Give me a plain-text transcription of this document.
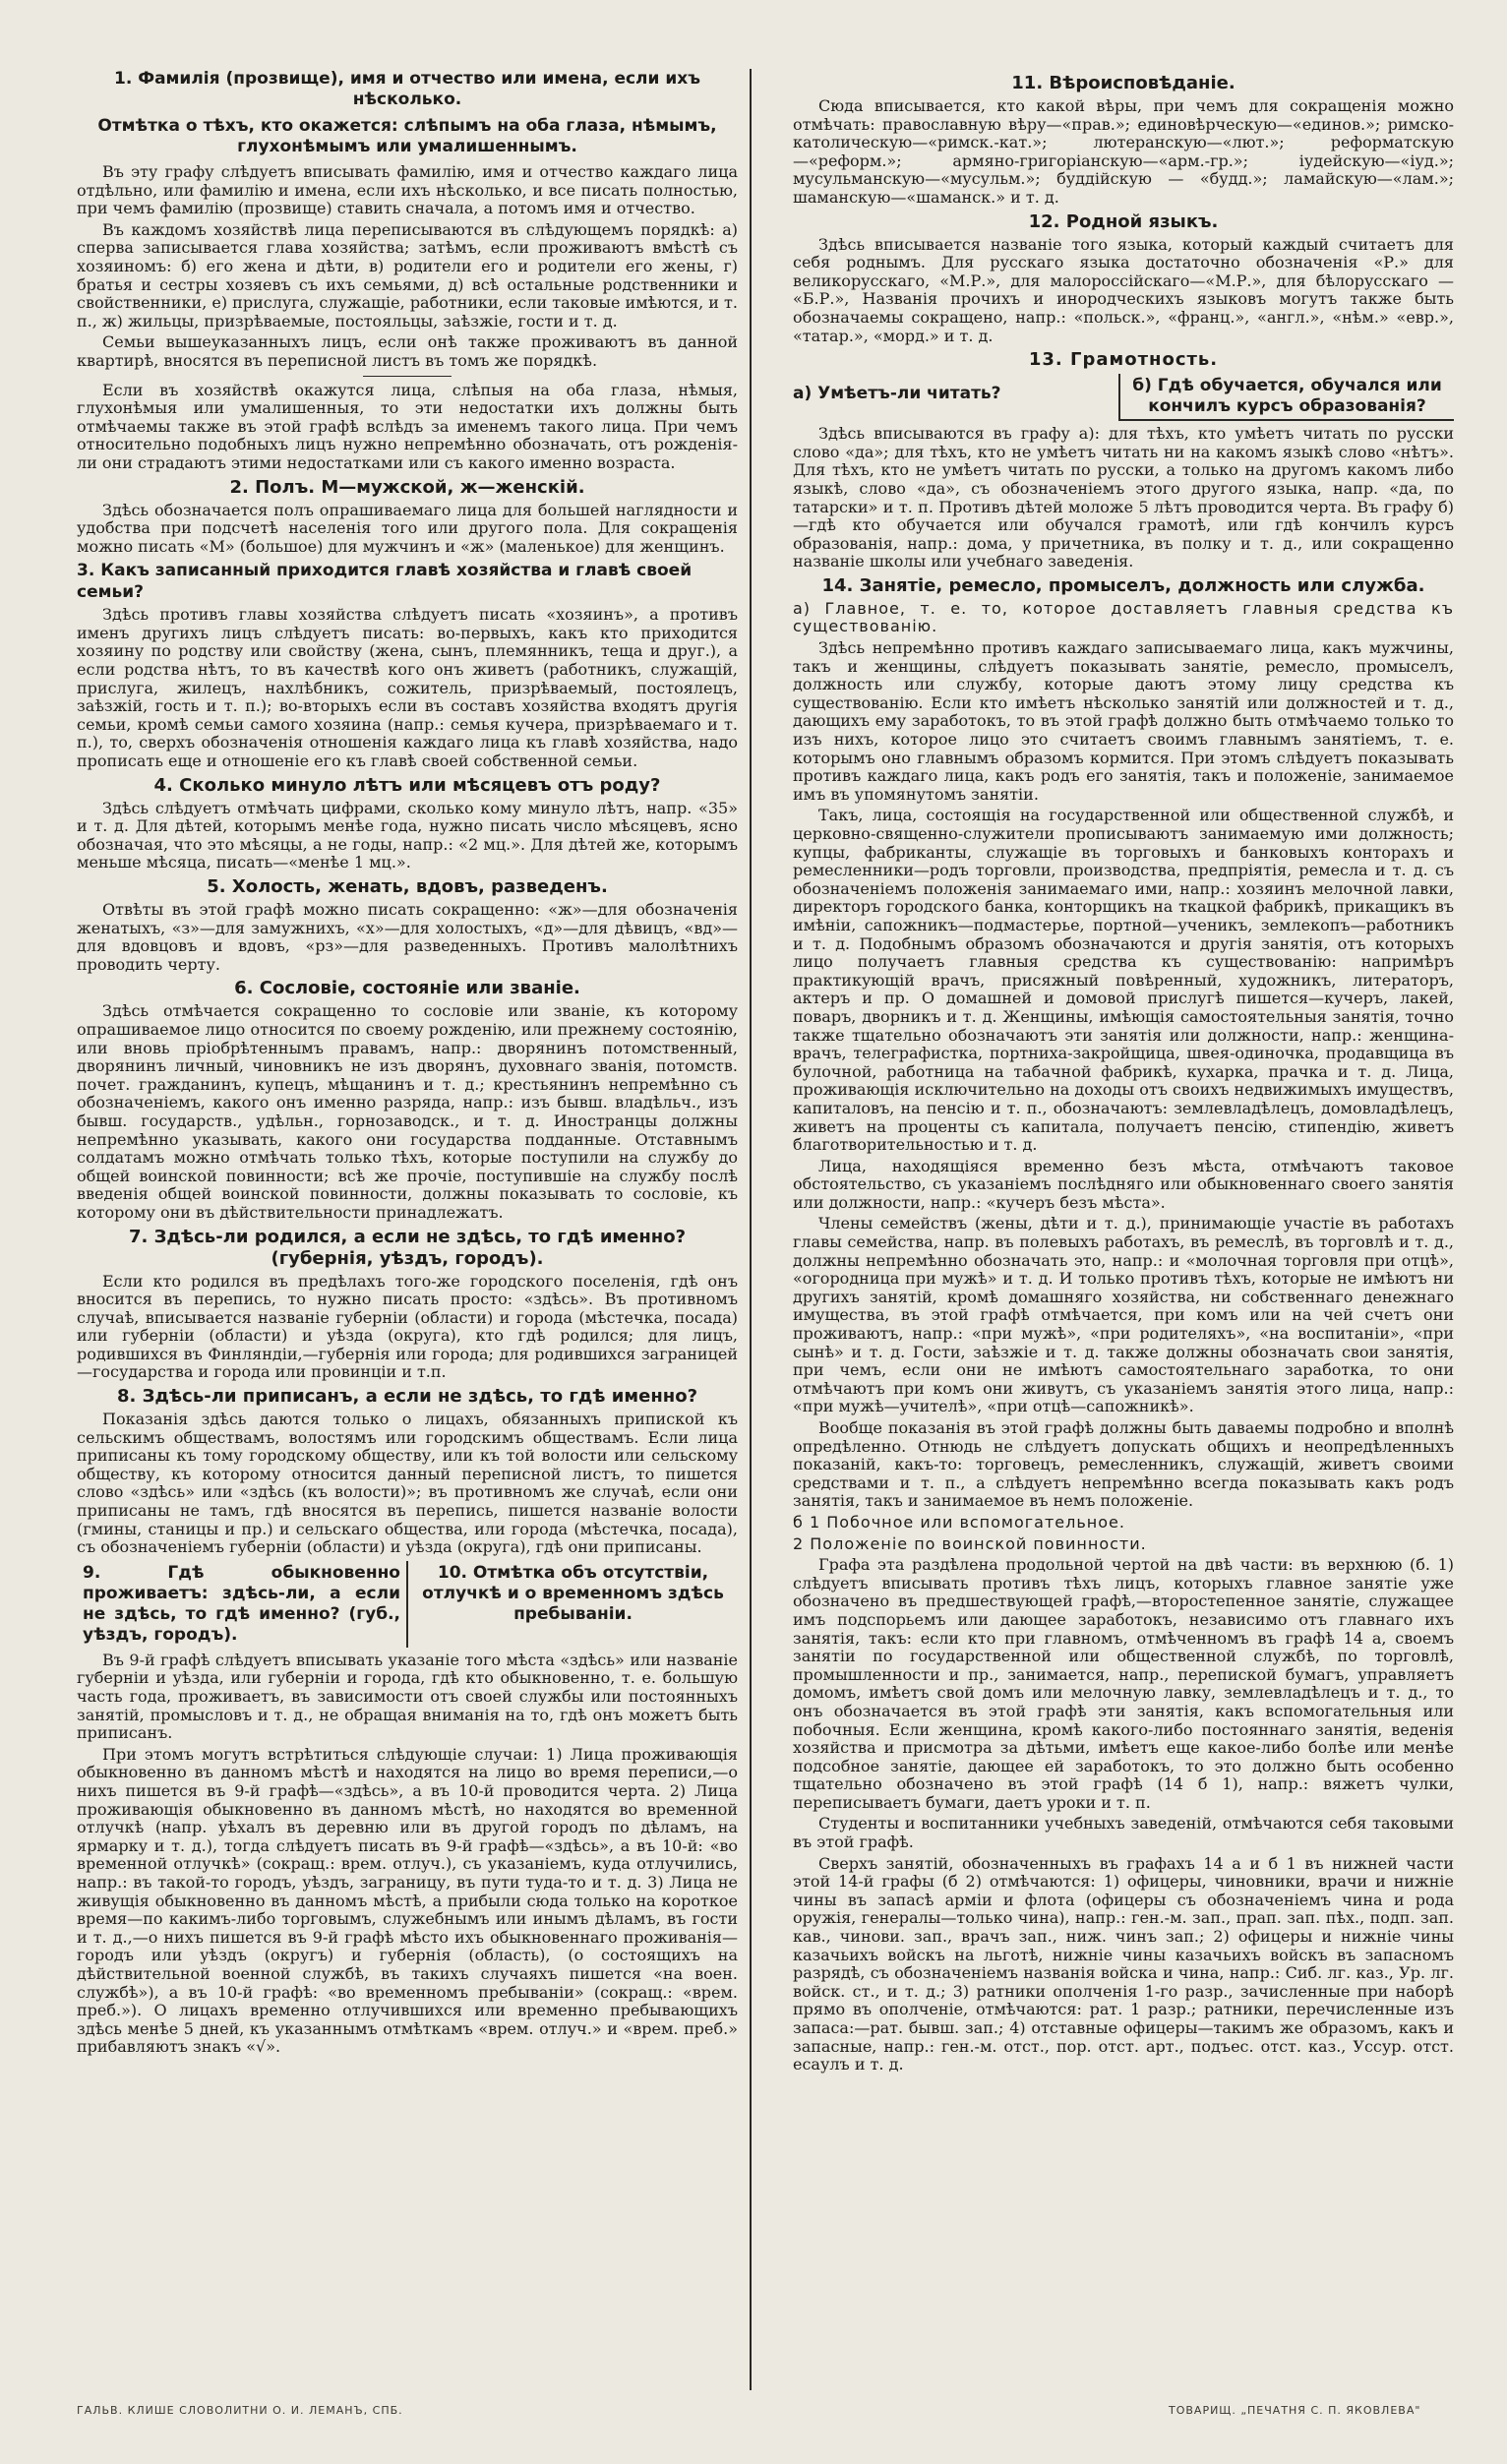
1. Фамилія (прозвище), имя и отчество или имена, если ихъ нѣсколько.
Отмѣтка о тѣхъ, кто окажется: слѣпымъ на оба глаза, нѣмымъ, глухонѣмымъ или умалишеннымъ.

Въ эту графу слѣдуетъ вписывать фамилію, имя и отчество каждаго лица отдѣльно, или фамилію и имена, если ихъ нѣсколько, и все писать полностью, при чемъ фамилію (прозвище) ставить сначала, а потомъ имя и отчество.

Въ каждомъ хозяйствѣ лица переписываются въ слѣдующемъ порядкѣ: а) сперва записывается глава хозяйства; затѣмъ, если проживаютъ вмѣстѣ съ хозяиномъ: б) его жена и дѣти, в) родители его и родители его жены, г) братья и сестры хозяевъ съ ихъ семьями, д) всѣ остальные родственники и свойственники, е) прислуга, служащіе, работники, если таковые имѣются, и т. п., ж) жильцы, призрѣваемые, постояльцы, заѣзжіе, гости и т. д.

Семьи вышеуказанныхъ лицъ, если онѣ также проживаютъ въ данной квартирѣ, вносятся въ переписной листъ въ томъ же порядкѣ.

Если въ хозяйствѣ окажутся лица, слѣпыя на оба глаза, нѣмыя, глухонѣмыя или умалишенныя, то эти недостатки ихъ должны быть отмѣчаемы также въ этой графѣ вслѣдъ за именемъ такого лица. При чемъ относительно подобныхъ лицъ нужно непремѣнно обозначать, отъ рожденія-ли они страдаютъ этими недостатками или съ какого именно возраста.

2. Полъ. М—мужской, ж—женскій.

Здѣсь обозначается полъ опрашиваемаго лица для большей наглядности и удобства при подсчетѣ населенія того или другого пола. Для сокращенія можно писать «М» (большое) для мужчинъ и «ж» (маленькое) для женщинъ.

3. Какъ записанный приходится главѣ хозяйства и главѣ своей семьи?

Здѣсь противъ главы хозяйства слѣдуетъ писать «хозяинъ», а противъ именъ другихъ лицъ слѣдуетъ писать: во-первыхъ, какъ кто приходится хозяину по родству или свойству (жена, сынъ, племянникъ, теща и друг.), а если родства нѣтъ, то въ качествѣ кого онъ живетъ (работникъ, служащій, прислуга, жилецъ, нахлѣбникъ, сожитель, призрѣваемый, постоялецъ, заѣзжій, гость и т. п.); во-вторыхъ если въ составъ хозяйства входятъ другія семьи, кромѣ семьи самого хозяина (напр.: семья кучера, призрѣваемаго и т. п.), то, сверхъ обозначенія отношенія каждаго лица къ главѣ хозяйства, надо прописать еще и отношеніе его къ главѣ своей собственной семьи.

4. Сколько минуло лѣтъ или мѣсяцевъ отъ роду?

Здѣсь слѣдуетъ отмѣчать цифрами, сколько кому минуло лѣтъ, напр. «35» и т. д. Для дѣтей, которымъ менѣе года, нужно писать число мѣсяцевъ, ясно обозначая, что это мѣсяцы, а не годы, напр.: «2 мц.». Для дѣтей же, которымъ меньше мѣсяца, писать—«менѣе 1 мц.».

5. Холость, женать, вдовъ, разведенъ.

Отвѣты въ этой графѣ можно писать сокращенно: «ж»—для обозначенія женатыхъ, «з»—для замужнихъ, «х»—для холостыхъ, «д»—для дѣвицъ, «вд»—для вдовцовъ и вдовъ, «рз»—для разведенныхъ. Противъ малолѣтнихъ проводить черту.

6. Сословіе, состояніе или званіе.

Здѣсь отмѣчается сокращенно то сословіе или званіе, къ которому опрашиваемое лицо относится по своему рожденію, или прежнему состоянію, или вновь пріобрѣтеннымъ правамъ, напр.: дворянинъ потомственный, дворянинъ личный, чиновникъ не изъ дворянъ, духовнаго званія, потомств. почет. гражданинъ, купецъ, мѣщанинъ и т. д.; крестьянинъ непремѣнно съ обозначеніемъ, какого онъ именно разряда, напр.: изъ бывш. владѣльч., изъ бывш. государств., удѣльн., горнозаводск., и т. д. Иностранцы должны непремѣнно указывать, какого они государства подданные. Отставнымъ солдатамъ можно отмѣчать только тѣхъ, которые поступили на службу до общей воинской повинности; всѣ же прочіе, поступившіе на службу послѣ введенія общей воинской повинности, должны показывать то сословіе, къ которому они въ дѣйствительности принадлежатъ.

7. Здѣсь-ли родился, а если не здѣсь, то гдѣ именно? (губернія, уѣздъ, городъ).

Если кто родился въ предѣлахъ того-же городского поселенія, гдѣ онъ вносится въ перепись, то нужно писать просто: «здѣсь». Въ противномъ случаѣ, вписывается названіе губерніи (области) и города (мѣстечка, посада) или губерніи (области) и уѣзда (округа), кто гдѣ родился; для лицъ, родившихся въ Финляндіи,—губернія или города; для родившихся заграницей—государства и города или провинціи и т.п.

8. Здѣсь-ли приписанъ, а если не здѣсь, то гдѣ именно?

Показанія здѣсь даются только о лицахъ, обязанныхъ припиской къ сельскимъ обществамъ, волостямъ или городскимъ обществамъ. Если лица приписаны къ тому городскому обществу, или къ той волости или сельскому обществу, къ которому относится данный переписной листъ, то пишется слово «здѣсь» или «здѣсь (къ волости)»; въ противномъ же случаѣ, если они приписаны не тамъ, гдѣ вносятся въ перепись, пишется названіе волости (гмины, станицы и пр.) и сельскаго общества, или города (мѣстечка, посада), съ обозначеніемъ губерніи (области) и уѣзда (округа), гдѣ они приписаны.

9. Гдѣ обыкновенно проживаетъ: здѣсь-ли, а если не здѣсь, то гдѣ именно? (губ., уѣздъ, городъ).
10. Отмѣтка объ отсутствіи, отлучкѣ и о временномъ здѣсь пребываніи.

Въ 9-й графѣ слѣдуетъ вписывать указаніе того мѣста «здѣсь» или названіе губерніи и уѣзда, или губерніи и города, гдѣ кто обыкновенно, т. е. большую часть года, проживаетъ, въ зависимости отъ своей службы или постоянныхъ занятій, промысловъ и т. д., не обращая вниманія на то, гдѣ онъ можетъ быть приписанъ.

При этомъ могутъ встрѣтиться слѣдующіе случаи: 1) Лица проживающія обыкновенно въ данномъ мѣстѣ и находятся на лицо во время переписи,—о нихъ пишется въ 9-й графѣ—«здѣсь», а въ 10-й проводится черта. 2) Лица проживающія обыкновенно въ данномъ мѣстѣ, но находятся во временной отлучкѣ (напр. уѣхалъ въ деревню или въ другой городъ по дѣламъ, на ярмарку и т. д.), тогда слѣдуетъ писать въ 9-й графѣ—«здѣсь», а въ 10-й: «во временной отлучкѣ» (сокращ.: врем. отлуч.), съ указаніемъ, куда отлучились, напр.: въ такой-то городъ, уѣздъ, заграницу, въ пути туда-то и т. д. 3) Лица не живущія обыкновенно въ данномъ мѣстѣ, а прибыли сюда только на короткое время—по какимъ-либо торговымъ, служебнымъ или инымъ дѣламъ, въ гости и т. д.,—о нихъ пишется въ 9-й графѣ мѣсто ихъ обыкновеннаго проживанія—городъ или уѣздъ (округъ) и губернія (область), (о состоящихъ на дѣйствительной военной службѣ, въ такихъ случаяхъ пишется «на воен. службѣ»), а въ 10-й графѣ: «во временномъ пребываніи» (сокращ.: «врем. преб.»). О лицахъ временно отлучившихся или временно пребывающихъ здѣсь менѣе 5 дней, къ указаннымъ отмѣткамъ «врем. отлуч.» и «врем. преб.» прибавляютъ знакъ «√».

11. Вѣроисповѣданіе.

Сюда вписывается, кто какой вѣры, при чемъ для сокращенія можно отмѣчать: православную вѣру—«прав.»; единовѣрческую—«единов.»; римско-католическую—«римск.-кат.»; лютеранскую—«лют.»; реформатскую—«реформ.»; армяно-григоріанскую—«арм.-гр.»; іудейскую—«іуд.»; мусульманскую—«мусульм.»; буддійскую — «будд.»; ламайскую—«лам.»; шаманскую—«шаманск.» и т. д.

12. Родной языкъ.

Здѣсь вписывается названіе того языка, который каждый считаетъ для себя роднымъ. Для русскаго языка достаточно обозначенія «Р.» для великорусскаго, «М.Р.», для малороссійскаго—«М.Р.», для бѣлорусскаго — «Б.Р.», Названія прочихъ и инородческихъ языковъ могутъ также быть обозначаемы сокращено, напр.: «польск.», «франц.», «англ.», «нѣм.» «евр.», «татар.», «морд.» и т. д.

13. Грамотность.
а) Умѣетъ-ли читать?	б) Гдѣ обучается, обучался или кончилъ курсъ образованія?

Здѣсь вписываются въ графу а): для тѣхъ, кто умѣетъ читать по русски слово «да»; для тѣхъ, кто не умѣетъ читать ни на какомъ языкѣ слово «нѣтъ». Для тѣхъ, кто не умѣетъ читать по русски, а только на другомъ какомъ либо языкѣ, слово «да», съ обозначеніемъ этого другого языка, напр. «да, по татарски» и т. п. Противъ дѣтей моложе 5 лѣтъ проводится черта. Въ графу б)—гдѣ кто обучается или обучался грамотѣ, или гдѣ кончилъ курсъ образованія, напр.: дома, у причетника, въ полку и т. д., или сокращенно названіе школы или учебнаго заведенія.

14. Занятіе, ремесло, промыселъ, должность или служба.

а) Главное, т. е. то, которое доставляетъ главныя средства къ существованію.

Здѣсь непремѣнно противъ каждаго записываемаго лица, какъ мужчины, такъ и женщины, слѣдуетъ показывать занятіе, ремесло, промыселъ, должность или службу, которые даютъ этому лицу средства къ существованію. Если кто имѣетъ нѣсколько занятій или должностей и т. д., дающихъ ему заработокъ, то въ этой графѣ должно быть отмѣчаемо только то изъ нихъ, которое лицо это считаетъ своимъ главнымъ занятіемъ, т. е. которымъ оно главнымъ образомъ кормится. При этомъ слѣдуетъ показывать противъ каждаго лица, какъ родъ его занятія, такъ и положеніе, занимаемое имъ въ упомянутомъ занятіи.

Такъ, лица, состоящія на государственной или общественной службѣ, и церковно-священно-служители прописываютъ занимаемую ими должность; купцы, фабриканты, служащіе въ торговыхъ и банковыхъ конторахъ и ремесленники—родъ торговли, производства, предпріятія, ремесла и т. д. съ обозначеніемъ положенія занимаемаго ими, напр.: хозяинъ мелочной лавки, директоръ городского банка, конторщикъ на ткацкой фабрикѣ, прикащикъ въ имѣніи, сапожникъ—подмастерье, портной—ученикъ, землекопъ—работникъ и т. д. Подобнымъ образомъ обозначаются и другія занятія, отъ которыхъ лицо получаетъ главныя средства къ существованію: напримѣръ практикующій врачъ, присяжный повѣренный, художникъ, литераторъ, актеръ и пр. О домашней и домовой прислугѣ пишется—кучеръ, лакей, поваръ, дворникъ и т. д. Женщины, имѣющія самостоятельныя занятія, точно также тщательно обозначаютъ эти занятія или должности, напр.: женщина-врачъ, телеграфистка, портниха-закройщица, швея-одиночка, продавщица въ булочной, работница на табачной фабрикѣ, кухарка, прачка и т. д. Лица, проживающія исключительно на доходы отъ своихъ недвижимыхъ имуществъ, капиталовъ, на пенсію и т. п., обозначаютъ: землевладѣлецъ, домовладѣлецъ, живетъ на проценты съ капитала, получаетъ пенсію, стипендію, живетъ благотворительностью и т. д.

Лица, находящіяся временно безъ мѣста, отмѣчаютъ таковое обстоятельство, съ указаніемъ послѣдняго или обыкновеннаго своего занятія или должности, напр.: «кучеръ безъ мѣста».

Члены семействъ (жены, дѣти и т. д.), принимающіе участіе въ работахъ главы семейства, напр. въ полевыхъ работахъ, въ ремеслѣ, въ торговлѣ и т. д., должны непремѣнно обозначать это, напр.: и «молочная торговля при отцѣ», «огородница при мужѣ» и т. д. И только противъ тѣхъ, которые не имѣютъ ни другихъ занятій, кромѣ домашняго хозяйства, ни собственнаго денежнаго имущества, въ этой графѣ отмѣчается, при комъ или на чей счетъ они проживаютъ, напр.: «при мужѣ», «при родителяхъ», «на воспитаніи», «при сынѣ» и т. д. Гости, заѣзжіе и т. д. также должны обозначать свои занятія, при чемъ, если они не имѣютъ самостоятельнаго заработка, то они отмѣчаютъ при комъ они живутъ, съ указаніемъ занятія этого лица, напр.: «при мужѣ—учителѣ», «при отцѣ—сапожникѣ».

Вообще показанія въ этой графѣ должны быть даваемы подробно и вполнѣ опредѣленно. Отнюдь не слѣдуетъ допускать общихъ и неопредѣленныхъ показаній, какъ-то: торговецъ, ремесленникъ, служащій, живетъ своими средствами и т. п., а слѣдуетъ непремѣнно всегда показывать какъ родъ занятія, такъ и занимаемое въ немъ положеніе.

б 1 Побочное или вспомогательное.

2 Положеніе по воинской повинности.

Графа эта раздѣлена продольной чертой на двѣ части: въ верхнюю (б. 1) слѣдуетъ вписывать противъ тѣхъ лицъ, которыхъ главное занятіе уже обозначено въ предшествующей графѣ,—второстепенное занятіе, служащее имъ подспорьемъ или дающее заработокъ, независимо отъ главнаго ихъ занятія, такъ: если кто при главномъ, отмѣченномъ въ графѣ 14 а, своемъ занятіи по государственной или общественной службѣ, по торговлѣ, промышленности и пр., занимается, напр., перепиской бумагъ, управляетъ домомъ, имѣетъ свой домъ или мелочную лавку, землевладѣлецъ и т. д., то онъ обозначается въ этой графѣ эти занятія, какъ вспомогательныя или побочныя. Если женщина, кромѣ какого-либо постояннаго занятія, веденія хозяйства и присмотра за дѣтьми, имѣетъ еще какое-либо болѣе или менѣе подсобное занятіе, дающее ей заработокъ, то это должно быть особенно тщательно обозначено въ этой графѣ (14 б 1), напр.: вяжетъ чулки, переписываетъ бумаги, даетъ уроки и т. п.

Студенты и воспитанники учебныхъ заведеній, отмѣчаются себя таковыми въ этой графѣ.

Сверхъ занятій, обозначенныхъ въ графахъ 14 а и б 1 въ нижней части этой 14-й графы (б 2) отмѣчаются: 1) офицеры, чиновники, врачи и нижніе чины въ запасѣ арміи и флота (офицеры съ обозначеніемъ чина и рода оружія, генералы—только чина), напр.: ген.-м. зап., прап. зап. пѣх., подп. зап. кав., чинови. зап., врачъ зап., ниж. чинъ зап.; 2) офицеры и нижніе чины казачьихъ войскъ на льготѣ, нижніе чины казачьихъ войскъ въ запасномъ разрядѣ, съ обозначеніемъ названія войска и чина, напр.: Сиб. лг. каз., Ур. лг. войск. ст., и т. д.; 3) ратники ополченія 1-го разр., зачисленные при наборѣ прямо въ ополченіе, отмѣчаются: рат. 1 разр.; ратники, перечисленные изъ запаса:—рат. бывш. зап.; 4) отставные офицеры—такимъ же образомъ, какъ и запасные, напр.: ген.-м. отст., пор. отст. арт., подъес. отст. каз., Уссур. отст. есаулъ и т. д.

ГАЛЬВ. КЛИШЕ СЛОВОЛИТНИ О. И. ЛЕМАНЪ, СПБ.	ТОВАРИЩ. „ПЕЧАТНЯ С. П. ЯКОВЛЕВА"
